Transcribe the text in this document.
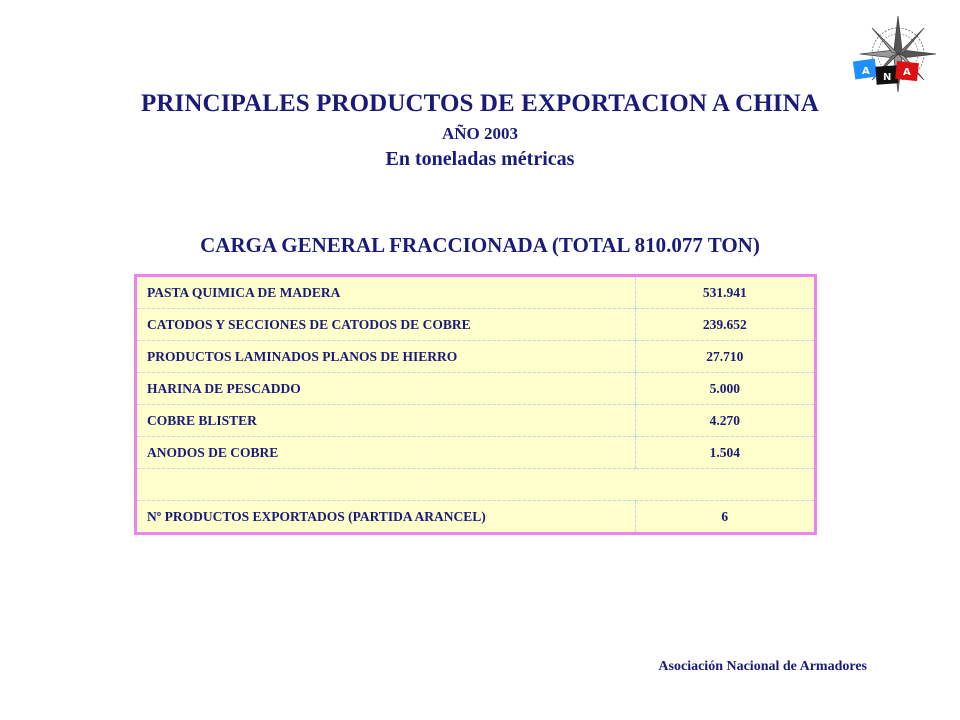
A
N A
PRINCIPALES PRODUCTOS DE EXPORTACION A CHINA
AÑO 2003
En toneladas métricas
CARGA GENERAL FRACCIONADA (TOTAL 810.077 TON)
PASTA QUIMICA DE MADERA	531.941
CATODOS Y SECCIONES DE CATODOS DE COBRE	239.652
PRODUCTOS LAMINADOS PLANOS DE HIERRO	27.710
HARINA DE PESCADDO	5.000
COBRE BLISTER	4.270
ANODOS DE COBRE	1.504

Nº PRODUCTOS EXPORTADOS (PARTIDA ARANCEL)	6
Asociación Nacional de Armadores
